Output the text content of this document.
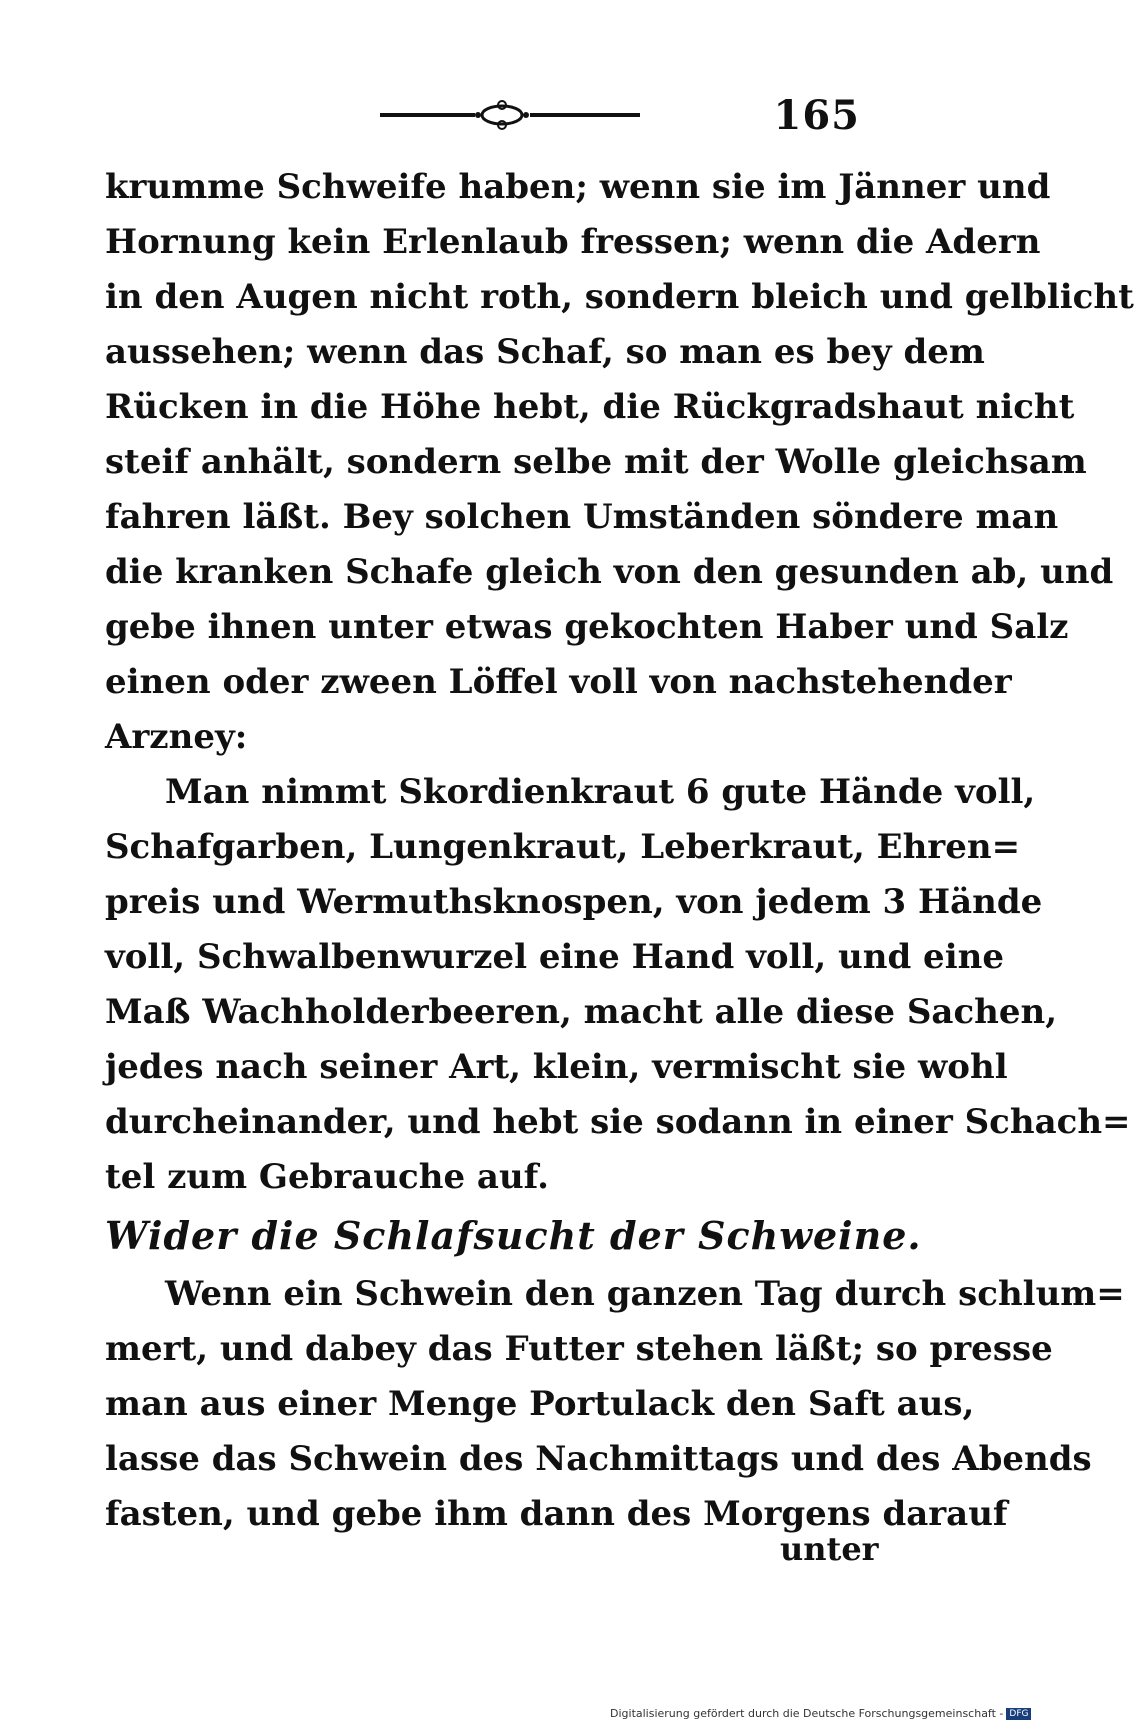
165
krumme Schweife haben; wenn sie im Jänner und
Hornung kein Erlenlaub fressen; wenn die Adern
in den Augen nicht roth, sondern bleich und gelblicht
aussehen; wenn das Schaf, so man es bey dem
Rücken in die Höhe hebt, die Rückgradshaut nicht
steif anhält, sondern selbe mit der Wolle gleichsam
fahren läßt. Bey solchen Umständen söndere man
die kranken Schafe gleich von den gesunden ab, und
gebe ihnen unter etwas gekochten Haber und Salz
einen oder zween Löffel voll von nachstehender
Arzney:
Man nimmt Skordienkraut 6 gute Hände voll,
Schafgarben, Lungenkraut, Leberkraut, Ehren=
preis und Wermuthsknospen, von jedem 3 Hände
voll, Schwalbenwurzel eine Hand voll, und eine
Maß Wachholderbeeren, macht alle diese Sachen,
jedes nach seiner Art, klein, vermischt sie wohl
durcheinander, und hebt sie sodann in einer Schach=
tel zum Gebrauche auf.
Wider die Schlafsucht der Schweine.
Wenn ein Schwein den ganzen Tag durch schlum=
mert, und dabey das Futter stehen läßt; so presse
man aus einer Menge Portulack den Saft aus,
lasse das Schwein des Nachmittags und des Abends
fasten, und gebe ihm dann des Morgens darauf
unter
Digitalisierung gefördert durch die Deutsche Forschungsgemeinschaft - DFG
